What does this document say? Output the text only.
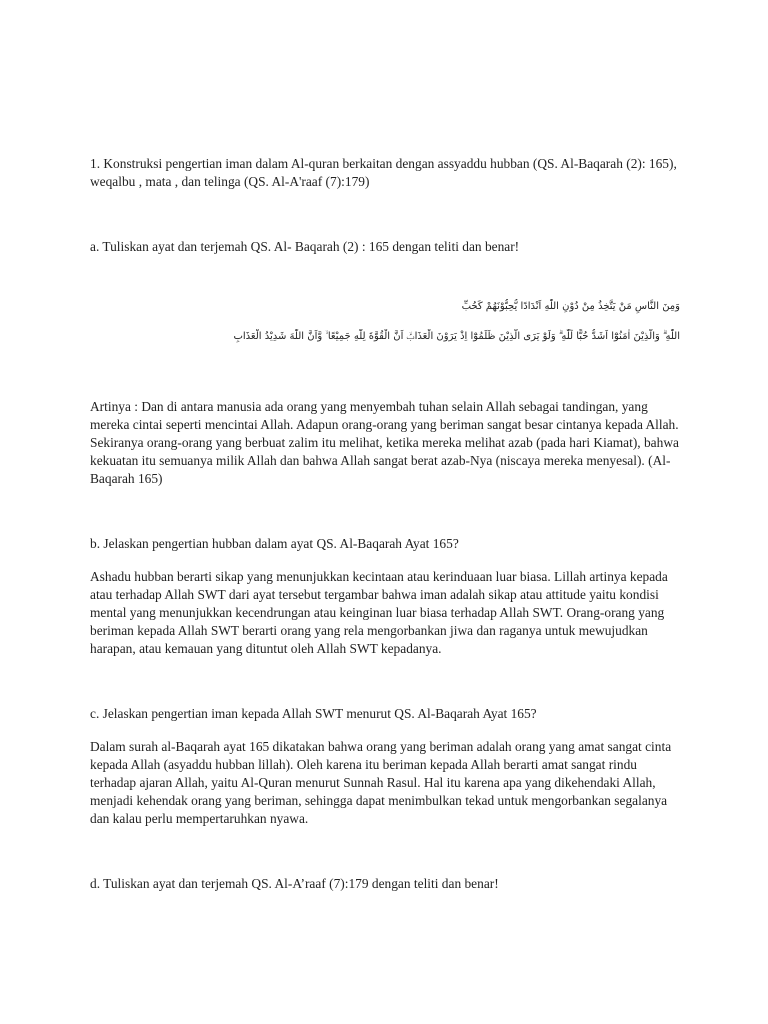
1. Konstruksi pengertian iman dalam Al-quran berkaitan dengan assyaddu hubban (QS. Al-Baqarah (2): 165), weqalbu , mata , dan telinga (QS. Al-A'raaf (7):179)

a. Tuliskan ayat dan terjemah QS. Al- Baqarah (2) : 165 dengan teliti dan benar!

وَمِنَ النَّاسِ مَنْ يَتَّخِذُ مِنْ دُوْنِ اللّٰهِ اَنْدَادًا يُّحِبُّوْنَهُمْ كَحُبِّ

اللّٰهِ ۗ وَالَّذِيْنَ اٰمَنُوْٓا اَشَدُّ حُبًّا لِّلّٰهِ ۗ وَلَوْ يَرَى الَّذِيْنَ ظَلَمُوْٓا اِذْ يَرَوْنَ الْعَذَابَۙ اَنَّ الْقُوَّةَ لِلّٰهِ جَمِيْعًا ۙ وَّاَنَّ اللّٰهَ شَدِيْدُ الْعَذَابِ

Artinya : Dan di antara manusia ada orang yang menyembah tuhan selain Allah sebagai tandingan, yang mereka cintai seperti mencintai Allah. Adapun orang-orang yang beriman sangat besar cintanya kepada Allah. Sekiranya orang-orang yang berbuat zalim itu melihat, ketika mereka melihat azab (pada hari Kiamat), bahwa kekuatan itu semuanya milik Allah dan bahwa Allah sangat berat azab-Nya (niscaya mereka menyesal). (Al- Baqarah 165)

b. Jelaskan pengertian hubban dalam ayat QS. Al-Baqarah Ayat 165?

Ashadu hubban berarti sikap yang menunjukkan kecintaan atau kerinduaan luar biasa. Lillah artinya kepada atau terhadap Allah SWT dari ayat tersebut tergambar bahwa iman adalah sikap atau attitude yaitu kondisi mental yang menunjukkan kecendrungan atau keinginan luar biasa terhadap Allah SWT. Orang-orang yang beriman kepada Allah SWT berarti orang yang rela mengorbankan jiwa dan raganya untuk mewujudkan harapan, atau kemauan yang dituntut oleh Allah SWT kepadanya.

c. Jelaskan pengertian iman kepada Allah SWT menurut QS. Al-Baqarah Ayat 165?

Dalam surah al-Baqarah ayat 165 dikatakan bahwa orang yang beriman adalah orang yang amat sangat cinta kepada Allah (asyaddu hubban lillah). Oleh karena itu beriman kepada Allah berarti amat sangat rindu terhadap ajaran Allah, yaitu Al-Quran menurut Sunnah Rasul. Hal itu karena apa yang dikehendaki Allah, menjadi kehendak orang yang beriman, sehingga dapat menimbulkan tekad untuk mengorbankan segalanya dan kalau perlu mempertaruhkan nyawa.

d. Tuliskan ayat dan terjemah QS. Al-A’raaf (7):179 dengan teliti dan benar!
